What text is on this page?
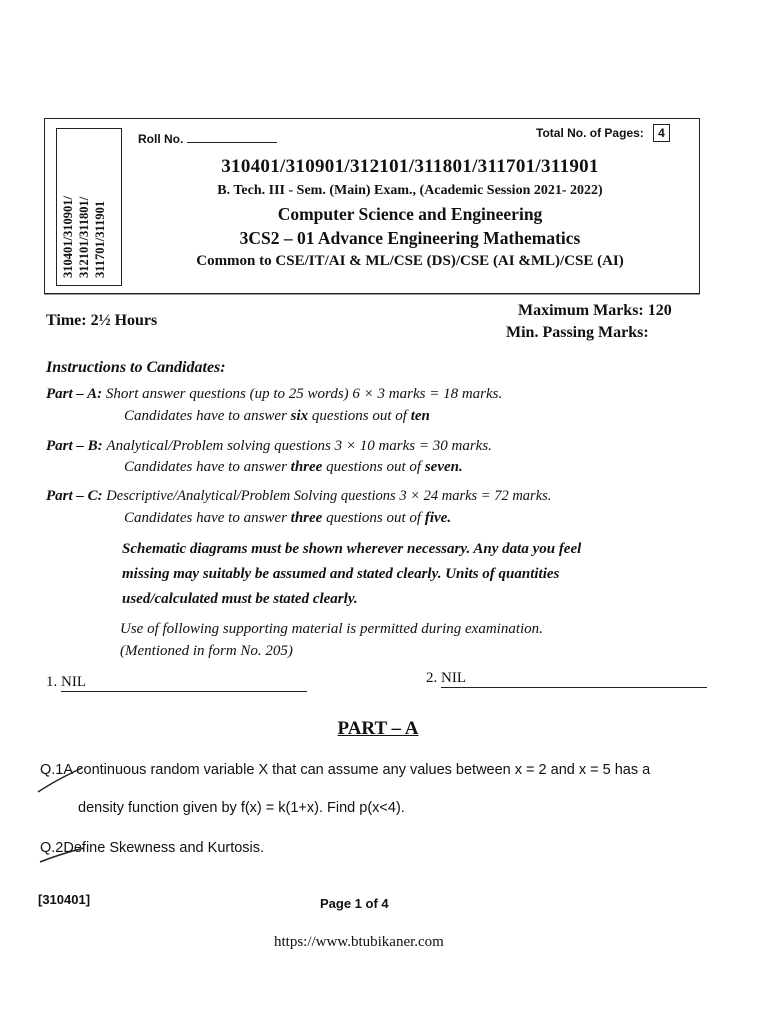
310401/310901/ 312101/311801/ 311701/311901
Roll No.	Total No. of Pages: 4
310401/310901/312101/311801/311701/311901
B. Tech. III - Sem. (Main) Exam., (Academic Session 2021- 2022)
Computer Science and Engineering
3CS2 – 01 Advance Engineering Mathematics
Common to CSE/IT/AI & ML/CSE (DS)/CSE (AI &ML)/CSE (AI)
Time: 2½ Hours
Maximum Marks: 120
Min. Passing Marks:
Instructions to Candidates:
Part – A: Short answer questions (up to 25 words) 6 × 3 marks = 18 marks.
Candidates have to answer six questions out of ten
Part – B: Analytical/Problem solving questions 3 × 10 marks = 30 marks.
Candidates have to answer three questions out of seven.
Part – C: Descriptive/Analytical/Problem Solving questions 3 × 24 marks = 72 marks.
Candidates have to answer three questions out of five.
Schematic diagrams must be shown wherever necessary. Any data you feel
missing may suitably be assumed and stated clearly. Units of quantities
used/calculated must be stated clearly.
Use of following supporting material is permitted during examination.
(Mentioned in form No. 205)
1. NIL	2. NIL
PART – A
Q.1A continuous random variable X that can assume any values between x = 2 and x = 5 has a
density function given by f(x) = k(1+x). Find p(x<4).
Q.2Define Skewness and Kurtosis.
[310401]	Page 1 of 4
https://www.btubikaner.com
